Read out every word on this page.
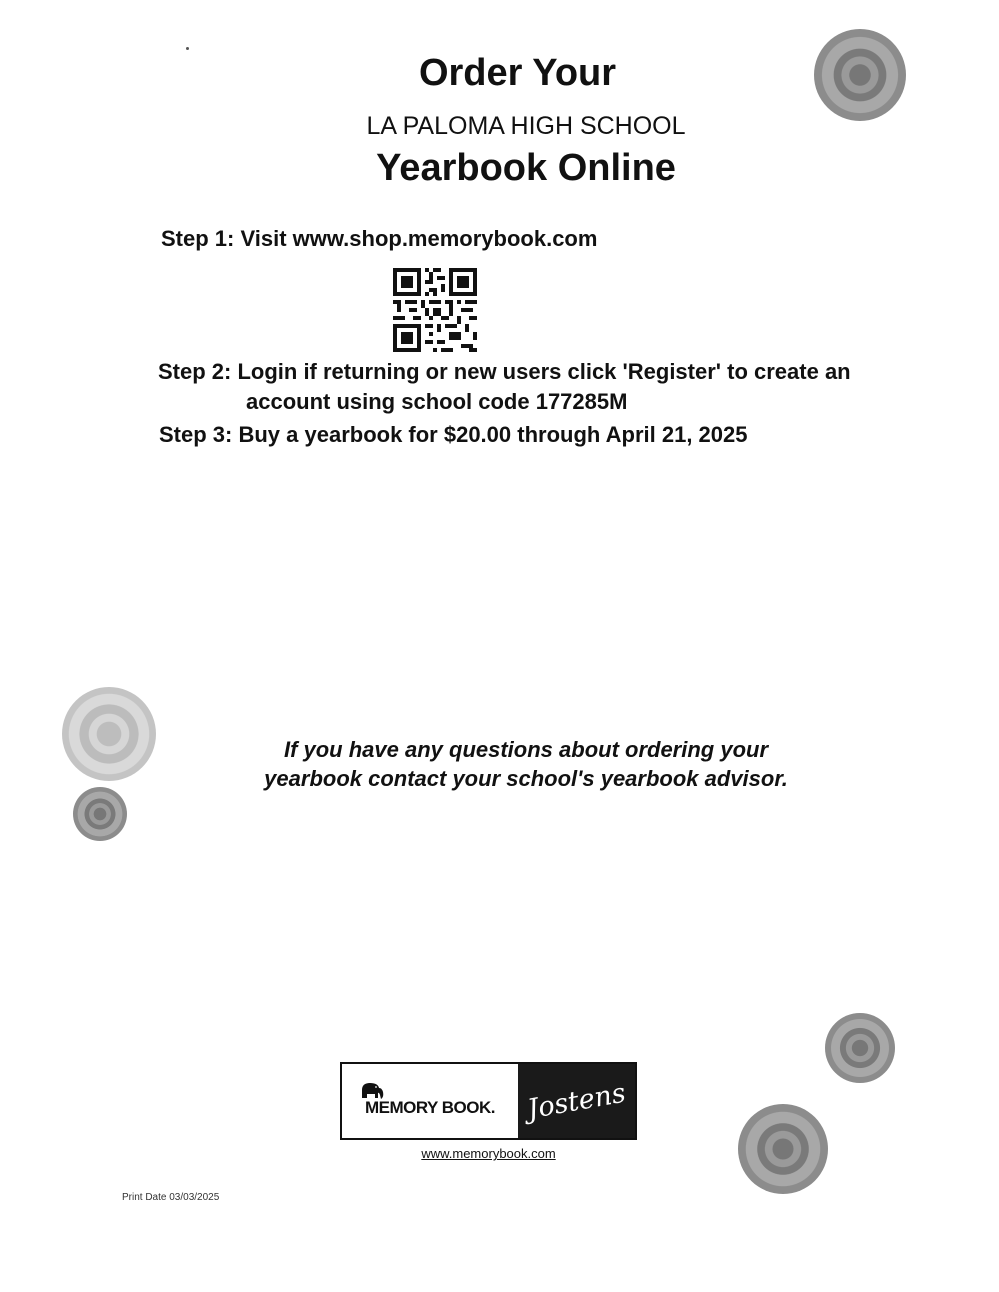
Order Your
LA PALOMA HIGH SCHOOL
Yearbook Online
Step 1: Visit www.shop.memorybook.com
Step 2: Login if returning or new users click 'Register' to create an
account using school code 177285M
Step 3: Buy a yearbook for $20.00 through April 21, 2025
If you have any questions about ordering your
yearbook contact your school's yearbook advisor.
MEMORY BOOK. Jostens
www.memorybook.com
Print Date 03/03/2025
